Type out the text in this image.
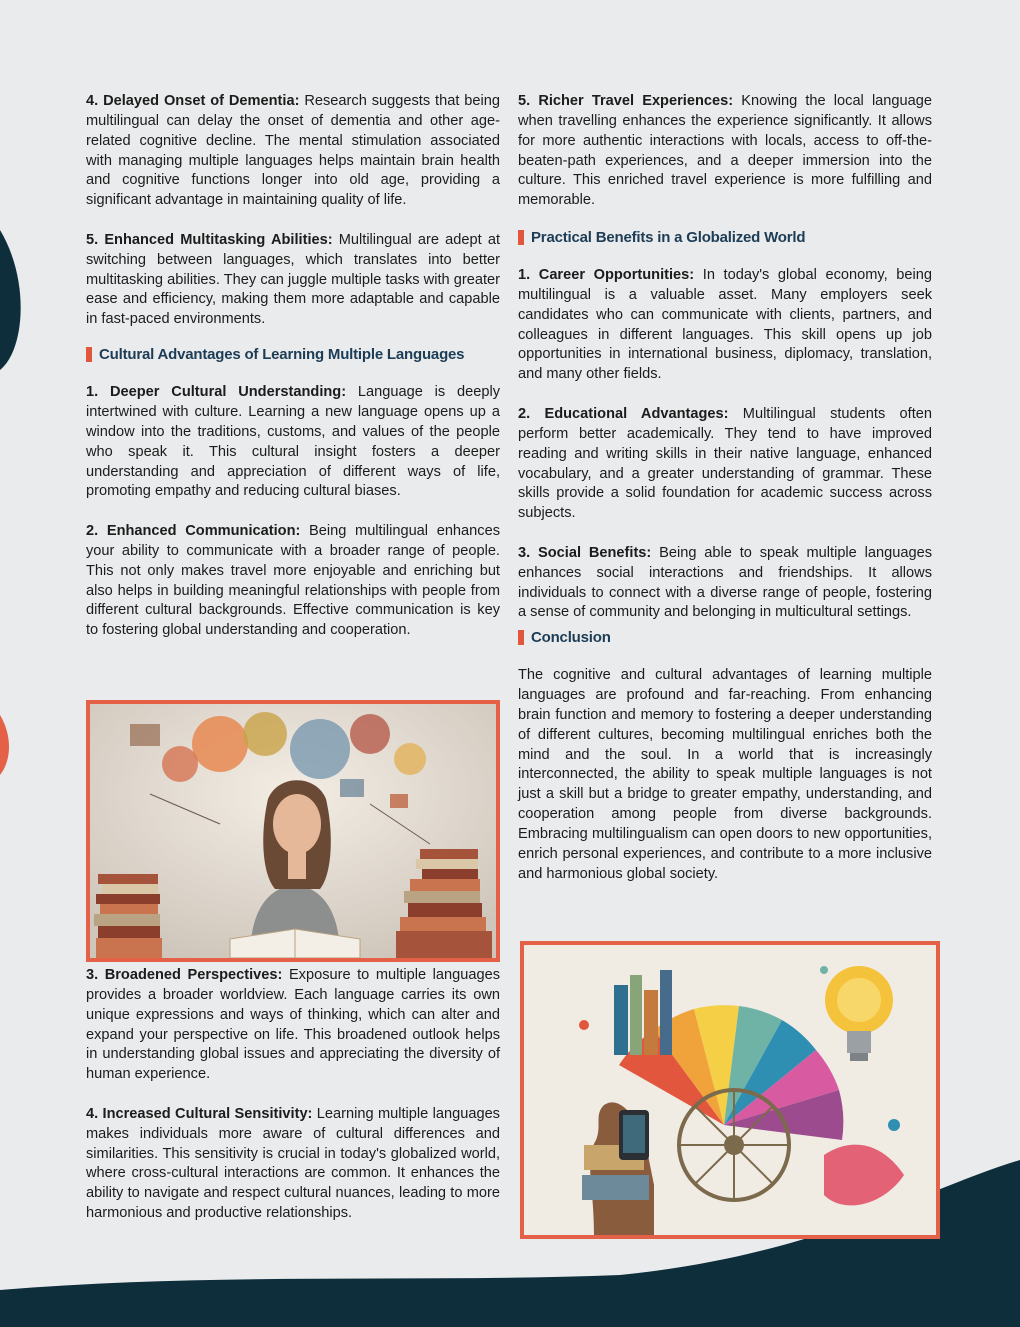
4. Delayed Onset of Dementia: Research suggests that being multilingual can delay the onset of dementia and other age-related cognitive decline. The mental stimulation associated with managing multiple languages helps maintain brain health and cognitive functions longer into old age, providing a significant advantage in maintaining quality of life.

5. Enhanced Multitasking Abilities: Multilingual are adept at switching between languages, which translates into better multitasking abilities. They can juggle multiple tasks with greater ease and efficiency, making them more adaptable and capable in fast-paced environments.

Cultural Advantages of Learning Multiple Languages

1. Deeper Cultural Understanding: Language is deeply intertwined with culture. Learning a new language opens up a window into the traditions, customs, and values of the people who speak it. This cultural insight fosters a deeper understanding and appreciation of different ways of life, promoting empathy and reducing cultural biases.

2. Enhanced Communication: Being multilingual enhances your ability to communicate with a broader range of people. This not only makes travel more enjoyable and enriching but also helps in building meaningful relationships with people from different cultural backgrounds. Effective communication is key to fostering global understanding and cooperation.

3. Broadened Perspectives: Exposure to multiple languages provides a broader worldview. Each language carries its own unique expressions and ways of thinking, which can alter and expand your perspective on life. This broadened outlook helps in understanding global issues and appreciating the diversity of human experience.

4. Increased Cultural Sensitivity: Learning multiple languages makes individuals more aware of cultural differences and similarities. This sensitivity is crucial in today's globalized world, where cross-cultural interactions are common. It enhances the ability to navigate and respect cultural nuances, leading to more harmonious and productive relationships.

5. Richer Travel Experiences: Knowing the local language when travelling enhances the experience significantly. It allows for more authentic interactions with locals, access to off-the-beaten-path experiences, and a deeper immersion into the culture. This enriched travel experience is more fulfilling and memorable.

Practical Benefits in a Globalized World

1. Career Opportunities: In today's global economy, being multilingual is a valuable asset. Many employers seek candidates who can communicate with clients, partners, and colleagues in different languages. This skill opens up job opportunities in international business, diplomacy, translation, and many other fields.

2. Educational Advantages: Multilingual students often perform better academically. They tend to have improved reading and writing skills in their native language, enhanced vocabulary, and a greater understanding of grammar. These skills provide a solid foundation for academic success across subjects.

3. Social Benefits: Being able to speak multiple languages enhances social interactions and friendships. It allows individuals to connect with a diverse range of people, fostering a sense of community and belonging in multicultural settings.

Conclusion

The cognitive and cultural advantages of learning multiple languages are profound and far-reaching. From enhancing brain function and memory to fostering a deeper understanding of different cultures, becoming multilingual enriches both the mind and the soul. In a world that is increasingly interconnected, the ability to speak multiple languages is not just a skill but a bridge to greater empathy, understanding, and cooperation among people from diverse backgrounds. Embracing multilingualism can open doors to new opportunities, enrich personal experiences, and contribute to a more inclusive and harmonious global society.
